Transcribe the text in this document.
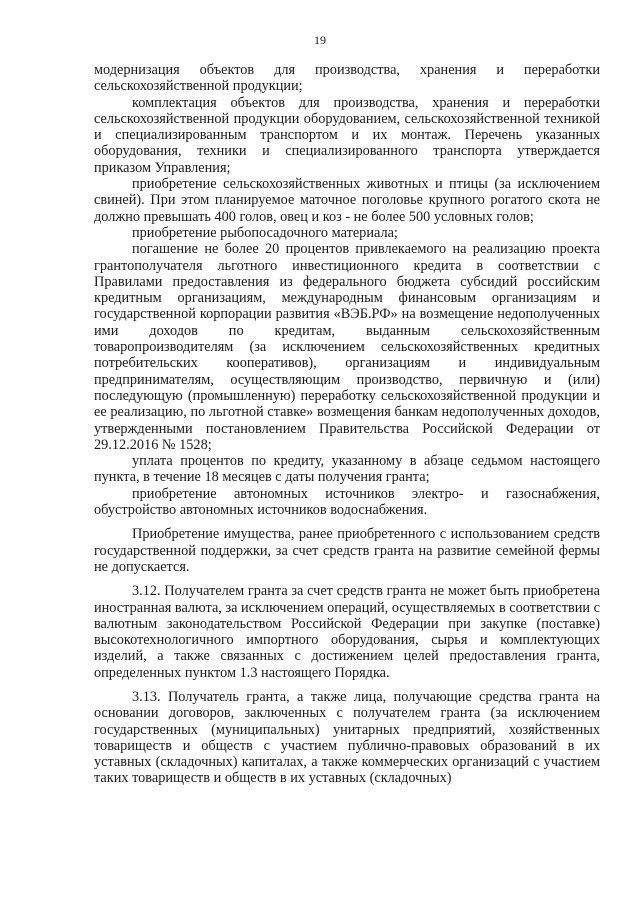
19

модернизация объектов для производства, хранения и переработки сельскохозяйственной продукции;

комплектация объектов для производства, хранения и переработки сельскохозяйственной продукции оборудованием, сельскохозяйственной техникой и специализированным транспортом и их монтаж. Перечень указанных оборудования, техники и специализированного транспорта утверждается приказом Управления;

приобретение сельскохозяйственных животных и птицы (за исключением свиней). При этом планируемое маточное поголовье крупного рогатого скота не должно превышать 400 голов, овец и коз - не более 500 условных голов;

приобретение рыбопосадочного материала;

погашение не более 20 процентов привлекаемого на реализацию проекта грантополучателя льготного инвестиционного кредита в соответствии с Правилами предоставления из федерального бюджета субсидий российским кредитным организациям, международным финансовым организациям и государственной корпорации развития «ВЭБ.РФ» на возмещение недополученных ими доходов по кредитам, выданным сельскохозяйственным товаропроизводителям (за исключением сельскохозяйственных кредитных потребительских кооперативов), организациям и индивидуальным предпринимателям, осуществляющим производство, первичную и (или) последующую (промышленную) переработку сельскохозяйственной продукции и ее реализацию, по льготной ставке» возмещения банкам недополученных доходов, утвержденными постановлением Правительства Российской Федерации от 29.12.2016 № 1528;

уплата процентов по кредиту, указанному в абзаце седьмом настоящего пункта, в течение 18 месяцев с даты получения гранта;

приобретение автономных источников электро- и газоснабжения, обустройство автономных источников водоснабжения.

Приобретение имущества, ранее приобретенного с использованием средств государственной поддержки, за счет средств гранта на развитие семейной фермы не допускается.

3.12. Получателем гранта за счет средств гранта не может быть приобретена иностранная валюта, за исключением операций, осуществляемых в соответствии с валютным законодательством Российской Федерации при закупке (поставке) высокотехнологичного импортного оборудования, сырья и комплектующих изделий, а также связанных с достижением целей предоставления гранта, определенных пунктом 1.3 настоящего Порядка.

3.13. Получатель гранта, а также лица, получающие средства гранта на основании договоров, заключенных с получателем гранта (за исключением государственных (муниципальных) унитарных предприятий, хозяйственных товариществ и обществ с участием публично-правовых образований в их уставных (складочных) капиталах, а также коммерческих организаций с участием таких товариществ и обществ в их уставных (складочных)
